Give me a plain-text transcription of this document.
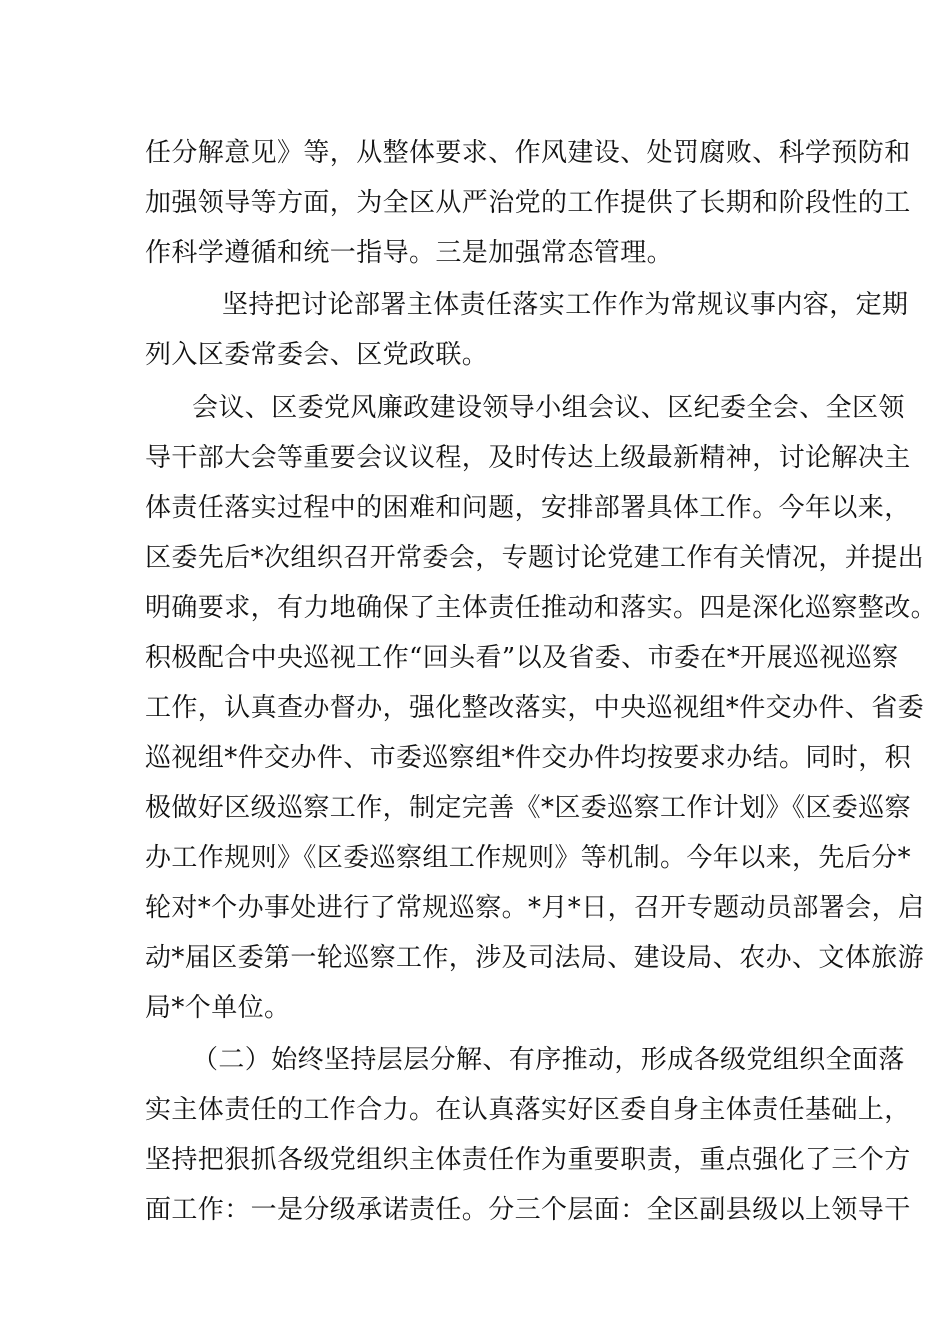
任分解意见》等，从整体要求、作风建设、处罚腐败、科学预防和
加强领导等方面，为全区从严治党的工作提供了长期和阶段性的工
作科学遵循和统一指导。三是加强常态管理。
坚持把讨论部署主体责任落实工作作为常规议事内容，定期
列入区委常委会、区党政联。
会议、区委党风廉政建设领导小组会议、区纪委全会、全区领
导干部大会等重要会议议程，及时传达上级最新精神，讨论解决主
体责任落实过程中的困难和问题，安排部署具体工作。今年以来，
区委先后*次组织召开常委会，专题讨论党建工作有关情况，并提出
明确要求，有力地确保了主体责任推动和落实。四是深化巡察整改。
积极配合中央巡视工作“回头看”以及省委、市委在*开展巡视巡察
工作，认真查办督办，强化整改落实，中央巡视组*件交办件、省委
巡视组*件交办件、市委巡察组*件交办件均按要求办结。同时，积
极做好区级巡察工作，制定完善《*区委巡察工作计划》《区委巡察
办工作规则》《区委巡察组工作规则》等机制。今年以来，先后分*
轮对*个办事处进行了常规巡察。*月*日，召开专题动员部署会，启
动*届区委第一轮巡察工作，涉及司法局、建设局、农办、文体旅游
局*个单位。
（二）始终坚持层层分解、有序推动，形成各级党组织全面落
实主体责任的工作合力。在认真落实好区委自身主体责任基础上，
坚持把狠抓各级党组织主体责任作为重要职责，重点强化了三个方
面工作：一是分级承诺责任。分三个层面：全区副县级以上领导干
